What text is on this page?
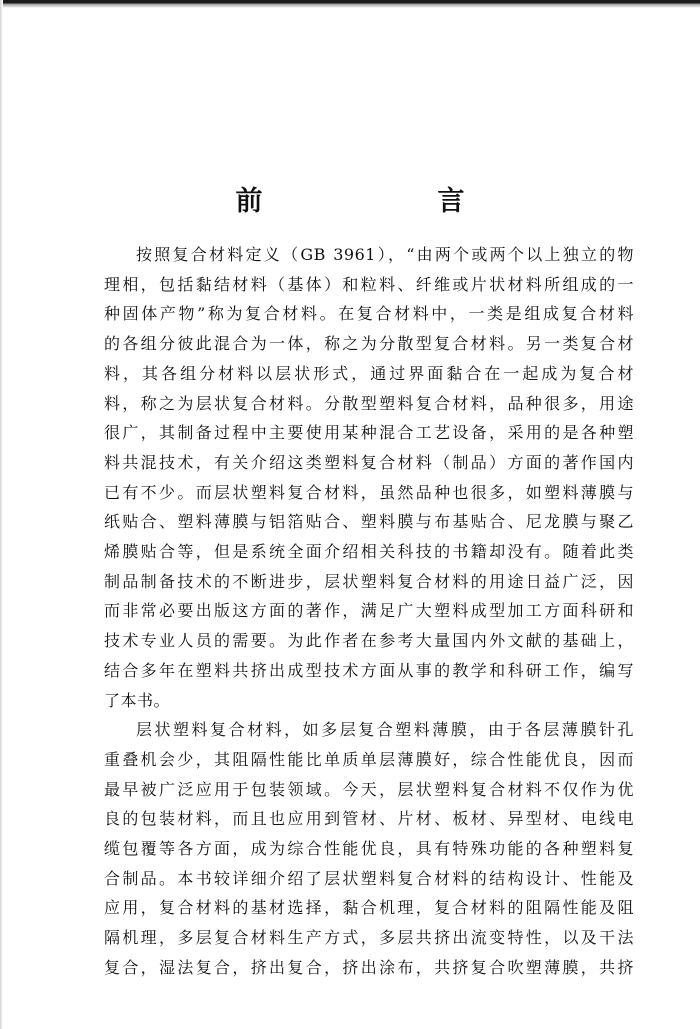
前　言

按照复合材料定义（GB 3961），“由两个或两个以上独立的物

理相，包括黏结材料（基体）和粒料、纤维或片状材料所组成的一

种固体产物”称为复合材料。在复合材料中，一类是组成复合材料

的各组分彼此混合为一体，称之为分散型复合材料。另一类复合材

料，其各组分材料以层状形式，通过界面黏合在一起成为复合材

料，称之为层状复合材料。分散型塑料复合材料，品种很多，用途

很广，其制备过程中主要使用某种混合工艺设备，采用的是各种塑

料共混技术，有关介绍这类塑料复合材料（制品）方面的著作国内

已有不少。而层状塑料复合材料，虽然品种也很多，如塑料薄膜与

纸贴合、塑料薄膜与铝箔贴合、塑料膜与布基贴合、尼龙膜与聚乙

烯膜贴合等，但是系统全面介绍相关科技的书籍却没有。随着此类

制品制备技术的不断进步，层状塑料复合材料的用途日益广泛，因

而非常必要出版这方面的著作，满足广大塑料成型加工方面科研和

技术专业人员的需要。为此作者在参考大量国内外文献的基础上，

结合多年在塑料共挤出成型技术方面从事的教学和科研工作，编写

了本书。

层状塑料复合材料，如多层复合塑料薄膜，由于各层薄膜针孔

重叠机会少，其阻隔性能比单质单层薄膜好，综合性能优良，因而

最早被广泛应用于包装领域。今天，层状塑料复合材料不仅作为优

良的包装材料，而且也应用到管材、片材、板材、异型材、电线电

缆包覆等各方面，成为综合性能优良，具有特殊功能的各种塑料复

合制品。本书较详细介绍了层状塑料复合材料的结构设计、性能及

应用，复合材料的基材选择，黏合机理，复合材料的阻隔性能及阻

隔机理，多层复合材料生产方式，多层共挤出流变特性，以及干法

复合，湿法复合，挤出复合，挤出涂布，共挤复合吹塑薄膜，共挤
